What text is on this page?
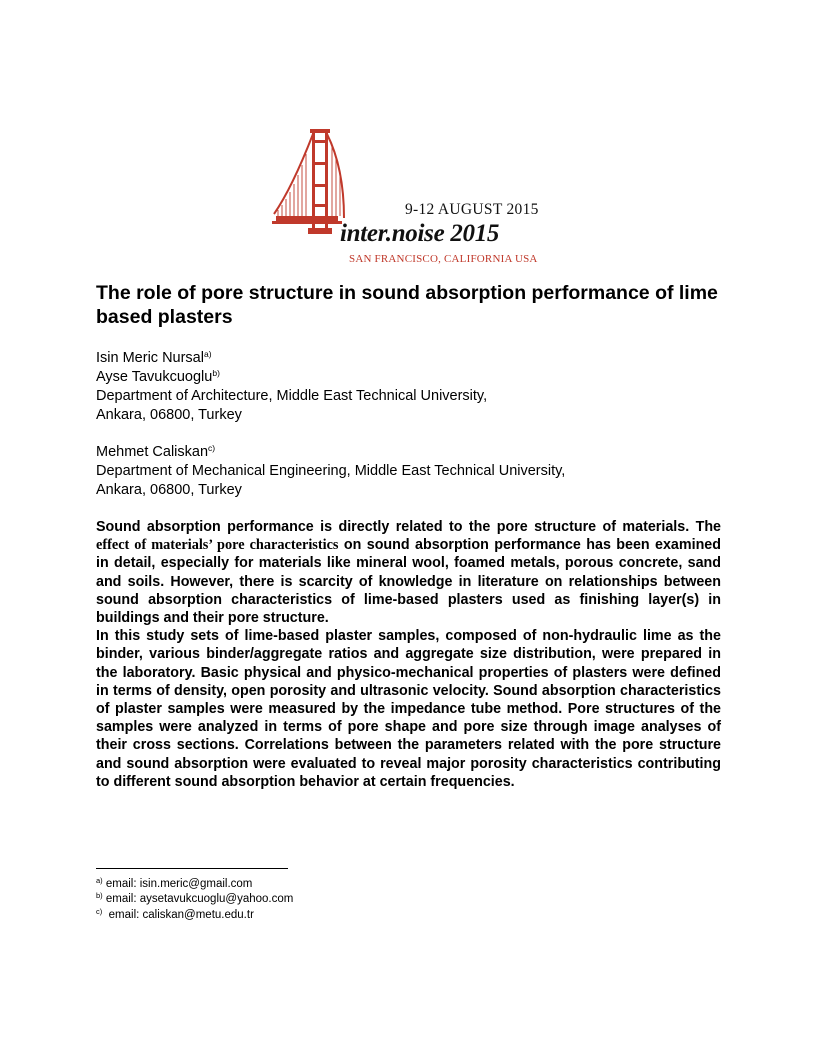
9-12 AUGUST 2015
inter.noise 2015
SAN FRANCISCO, CALIFORNIA USA
The role of pore structure in sound absorption performance of lime based plasters
Isin Meric Nursal$^{a)}$
Ayse Tavukcuoglu$^{b)}$
Department of Architecture, Middle East Technical University,
Ankara, 06800, Turkey
Mehmet Caliskan$^{c)}$
Department of Mechanical Engineering, Middle East Technical University,
Ankara, 06800, Turkey

Sound absorption performance is directly related to the pore structure of materials. The effect of materials’ pore characteristics on sound absorption performance has been examined in detail, especially for materials like mineral wool, foamed metals, porous concrete, sand and soils. However, there is scarcity of knowledge in literature on relationships between sound absorption characteristics of lime-based plasters used as finishing layer(s) in buildings and their pore structure.

In this study sets of lime-based plaster samples, composed of non-hydraulic lime as the binder, various binder/aggregate ratios and aggregate size distribution, were prepared in the laboratory. Basic physical and physico-mechanical properties of plasters were defined in terms of density, open porosity and ultrasonic velocity. Sound absorption characteristics of plaster samples were measured by the impedance tube method. Pore structures of the samples were analyzed in terms of pore shape and pore size through image analyses of their cross sections. Correlations between the parameters related with the pore structure and sound absorption were evaluated to reveal major porosity characteristics contributing to different sound absorption behavior at certain frequencies.

$^{a)}$ email: isin.meric@gmail.com
$^{b)}$ email: aysetavukcuoglu@yahoo.com
$^{c)}$  email: caliskan@metu.edu.tr
